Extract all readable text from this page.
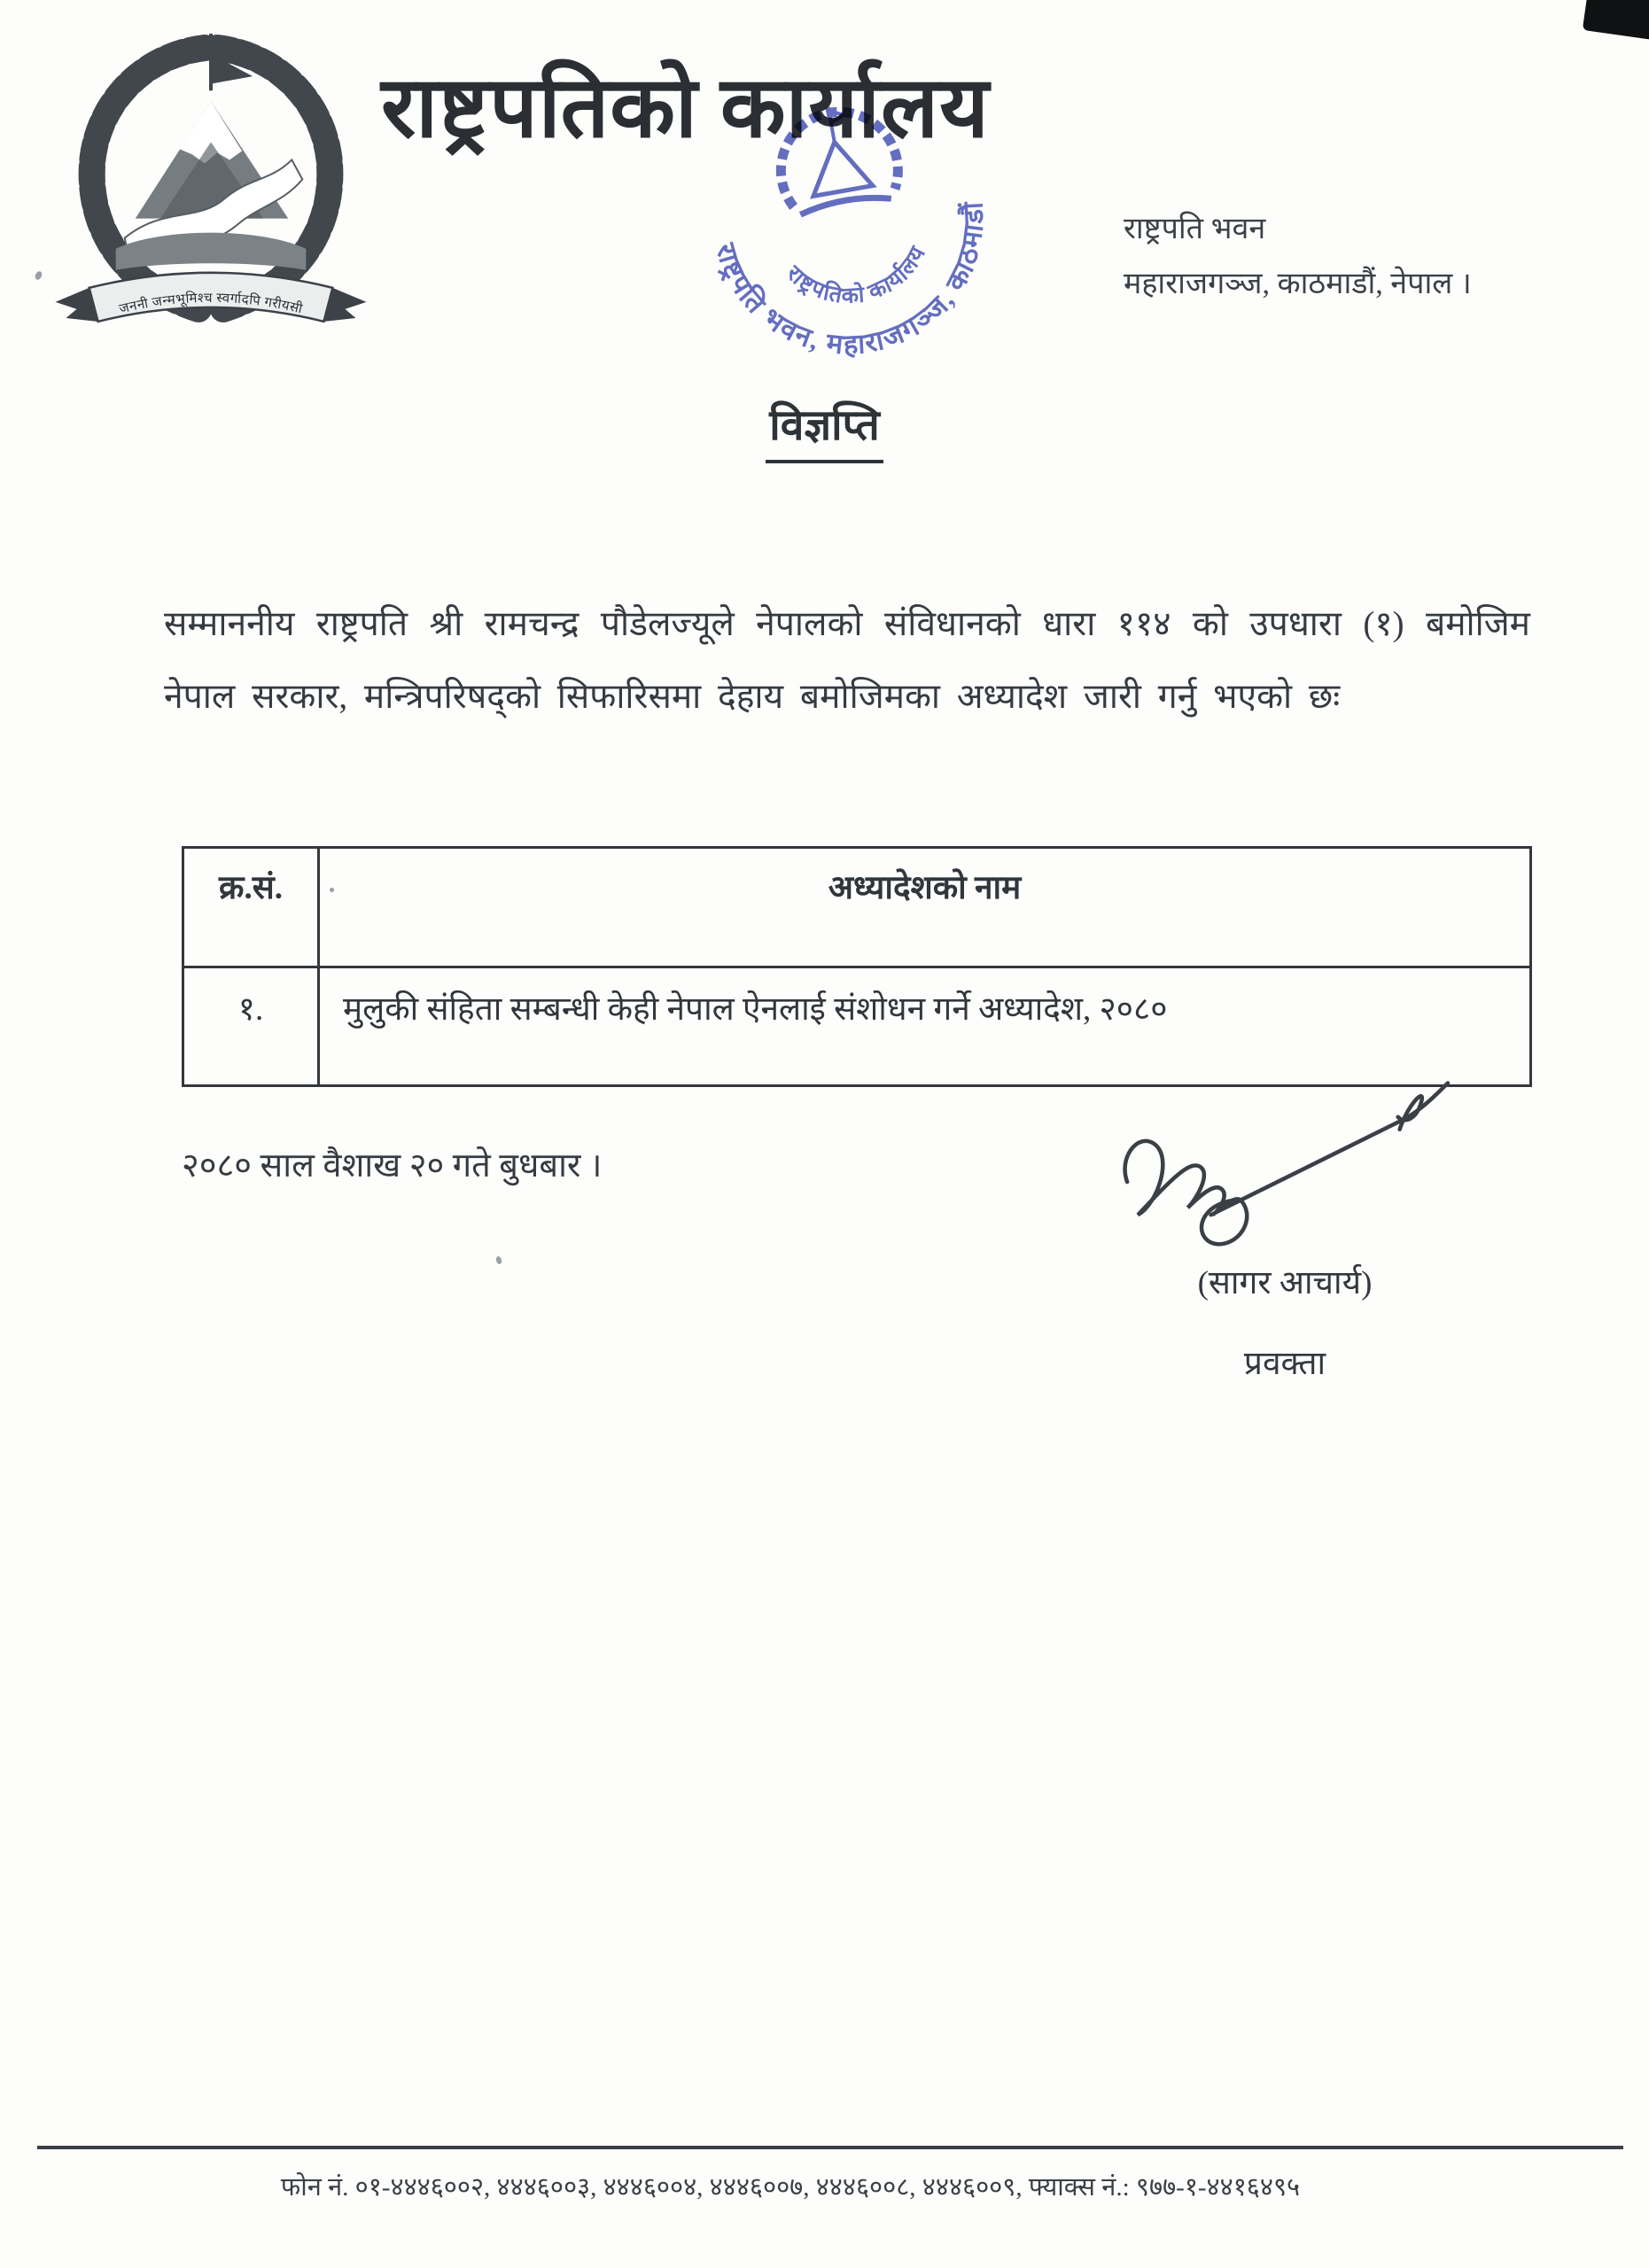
जननी जन्मभूमिश्च स्वर्गादपि गरीयसी
राष्ट्रपतिको कार्यालय
राष्ट्रपतिको कार्यालय
राष्ट्रपति भवन, महाराजगञ्ज, काठमाडौं
राष्ट्रपति भवन
महाराजगञ्ज, काठमाडौं, नेपाल ।
विज्ञप्ति

सम्माननीय राष्ट्रपति श्री रामचन्द्र पौडेलज्यूले नेपालको संविधानको धारा ११४ को उपधारा (१) बमोजिम नेपाल सरकार, मन्त्रिपरिषद्को सिफारिसमा देहाय बमोजिमका अध्यादेश जारी गर्नु भएको छः

क्र.सं.	अध्यादेशको नाम
१.	मुलुकी संहिता सम्बन्धी केही नेपाल ऐनलाई संशोधन गर्ने अध्यादेश, २०८०
२०८० साल वैशाख २० गते बुधबार ।
(सागर आचार्य)
प्रवक्ता
फोन नं. ०१-४४४६००२, ४४४६००३, ४४४६००४, ४४४६००७, ४४४६००८, ४४४६००९, फ्याक्स नं.: ९७७-१-४४१६४९५
